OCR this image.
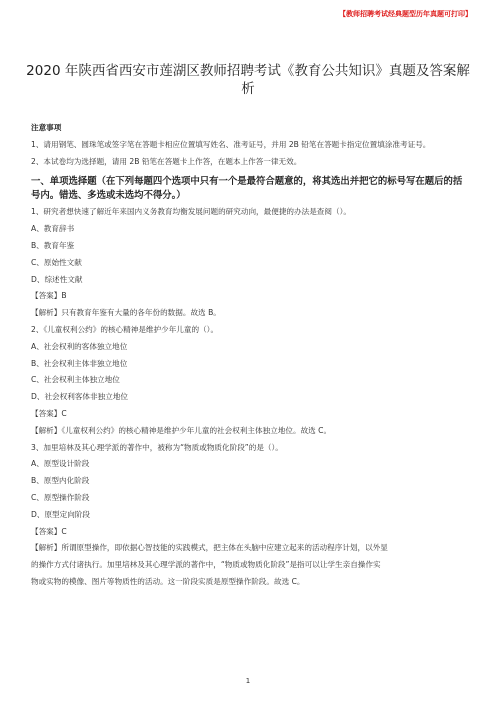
【教师招聘考试经典题型历年真题可打印】
2020 年陕西省西安市莲湖区教师招聘考试《教育公共知识》真题及答案解析

注意事项

1、请用钢笔、圆珠笔或签字笔在答题卡相应位置填写姓名、准考证号，并用 2B 铅笔在答题卡指定位置填涂准考证号。

2、本试卷均为选择题，请用 2B 铅笔在答题卡上作答，在题本上作答一律无效。

一、单项选择题（在下列每题四个选项中只有一个是最符合题意的，将其选出并把它的标号写在题后的括号内。错选、多选或未选均不得分。）

1、研究者想快速了解近年来国内义务教育均衡发展问题的研究动向，最便捷的办法是查阅（）。

A、教育辞书

B、教育年鉴

C、原始性文献

D、综述性文献

【答案】B

【解析】只有教育年鉴有大量的各年份的数据。故选 B。

2、《儿童权利公约》的核心精神是维护少年儿童的（）。

A、社会权利的客体独立地位

B、社会权利主体非独立地位

C、社会权利主体独立地位

D、社会权利客体非独立地位

【答案】C

【解析】《儿童权利公约》的核心精神是维护少年儿童的社会权利主体独立地位。故选 C。

3、加里培林及其心理学派的著作中，被称为“物质或物质化阶段”的是（）。

A、原型设计阶段

B、原型内化阶段

C、原型操作阶段

D、原型定向阶段

【答案】C

【解析】所谓原型操作，即依据心智技能的实践模式，把主体在头脑中应建立起来的活动程序计划，以外显

的操作方式付诸执行。加里培林及其心理学派的著作中，“物质或物质化阶段”是指可以让学生亲自操作实

物或实物的模像、图片等物质性的活动。这一阶段实质是原型操作阶段。故选 C。

1
